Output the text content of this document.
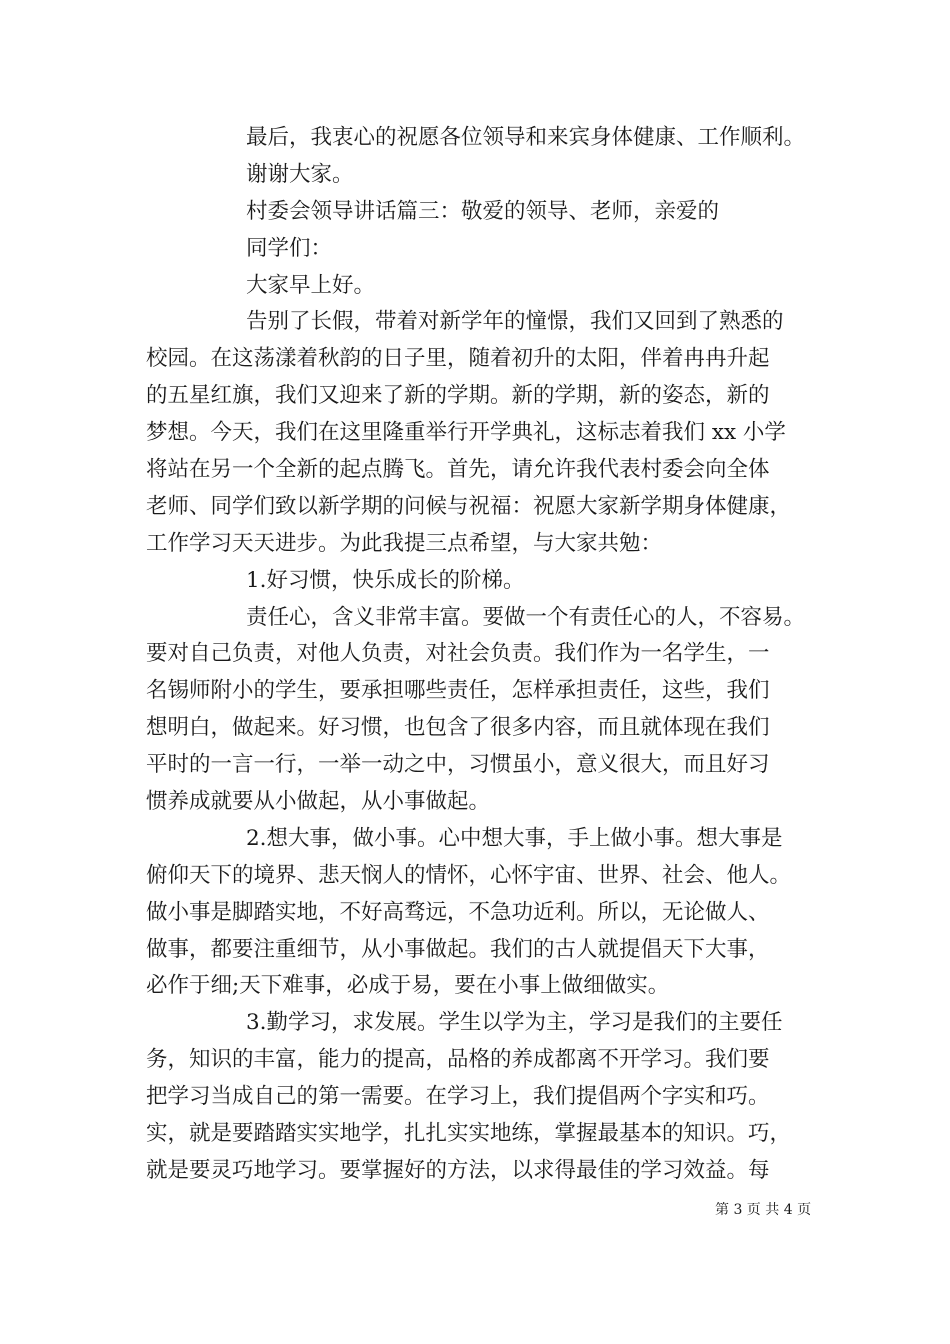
最后，我衷心的祝愿各位领导和来宾身体健康、工作顺利。
谢谢大家。
村委会领导讲话篇三：敬爱的领导、老师，亲爱的
同学们：
大家早上好。
告别了长假，带着对新学年的憧憬，我们又回到了熟悉的
校园。在这荡漾着秋韵的日子里，随着初升的太阳，伴着冉冉升起
的五星红旗，我们又迎来了新的学期。新的学期，新的姿态，新的
梦想。今天，我们在这里隆重举行开学典礼，这标志着我们 xx 小学
将站在另一个全新的起点腾飞。首先，请允许我代表村委会向全体
老师、同学们致以新学期的问候与祝福：祝愿大家新学期身体健康，
工作学习天天进步。为此我提三点希望，与大家共勉：
1.好习惯，快乐成长的阶梯。
责任心，含义非常丰富。要做一个有责任心的人，不容易。
要对自己负责，对他人负责，对社会负责。我们作为一名学生，一
名锡师附小的学生，要承担哪些责任，怎样承担责任，这些，我们
想明白，做起来。好习惯，也包含了很多内容，而且就体现在我们
平时的一言一行，一举一动之中，习惯虽小，意义很大，而且好习
惯养成就要从小做起，从小事做起。
2.想大事，做小事。心中想大事，手上做小事。想大事是
俯仰天下的境界、悲天悯人的情怀，心怀宇宙、世界、社会、他人。
做小事是脚踏实地，不好高骛远，不急功近利。所以，无论做人、
做事，都要注重细节，从小事做起。我们的古人就提倡天下大事，
必作于细;天下难事，必成于易，要在小事上做细做实。
3.勤学习，求发展。学生以学为主，学习是我们的主要任
务，知识的丰富，能力的提高，品格的养成都离不开学习。我们要
把学习当成自己的第一需要。在学习上，我们提倡两个字实和巧。
实，就是要踏踏实实地学，扎扎实实地练，掌握最基本的知识。巧，
就是要灵巧地学习。要掌握好的方法，以求得最佳的学习效益。每
第 3 页 共 4 页
